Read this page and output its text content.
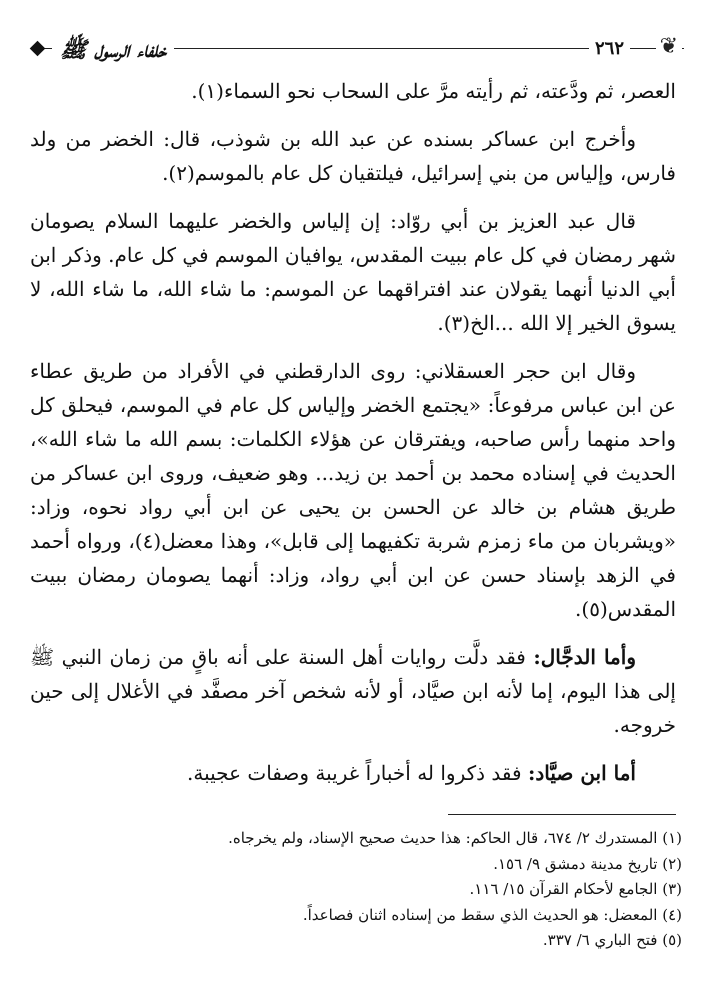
خلفاء الرسول ﷺ	٢٦٢ ❦

العصر، ثم ودَّعته، ثم رأيته مرَّ على السحاب نحو السماء(١).

وأخرج ابن عساكر بسنده عن عبد الله بن شوذب، قال: الخضر من ولد فارس، وإلياس من بني إسرائيل، فيلتقيان كل عام بالموسم(٢).

قال عبد العزيز بن أبي روّاد: إن إلياس والخضر عليهما السلام يصومان شهر رمضان في كل عام ببيت المقدس، يوافيان الموسم في كل عام. وذكر ابن أبي الدنيا أنهما يقولان عند افتراقهما عن الموسم: ما شاء الله، ما شاء الله، لا يسوق الخير إلا الله ...الخ(٣).

وقال ابن حجر العسقلاني: روى الدارقطني في الأفراد من طريق عطاء عن ابن عباس مرفوعاً: «يجتمع الخضر وإلياس كل عام في الموسم، فيحلق كل واحد منهما رأس صاحبه، ويفترقان عن هؤلاء الكلمات: بسم الله ما شاء الله»، الحديث في إسناده محمد بن أحمد بن زيد... وهو ضعيف، وروى ابن عساكر من طريق هشام بن خالد عن الحسن بن يحيى عن ابن أبي رواد نحوه، وزاد: «ويشربان من ماء زمزم شربة تكفيهما إلى قابل»، وهذا معضل(٤)، ورواه أحمد في الزهد بإسناد حسن عن ابن أبي رواد، وزاد: أنهما يصومان رمضان ببيت المقدس(٥).

وأما الدجَّال: فقد دلَّت روايات أهل السنة على أنه باقٍ من زمان النبي ﷺ إلى هذا اليوم، إما لأنه ابن صيَّاد، أو لأنه شخص آخر مصفَّد في الأغلال إلى حين خروجه.

أما ابن صيَّاد: فقد ذكروا له أخباراً غريبة وصفات عجيبة.

(١) المستدرك ٢/ ٦٧٤، قال الحاكم: هذا حديث صحيح الإسناد، ولم يخرجاه.

(٢) تاريخ مدينة دمشق ٩/ ١٥٦.

(٣) الجامع لأحكام القرآن ١٥/ ١١٦.

(٤) المعضل: هو الحديث الذي سقط من إسناده اثنان فصاعداً.

(٥) فتح الباري ٦/ ٣٣٧.
